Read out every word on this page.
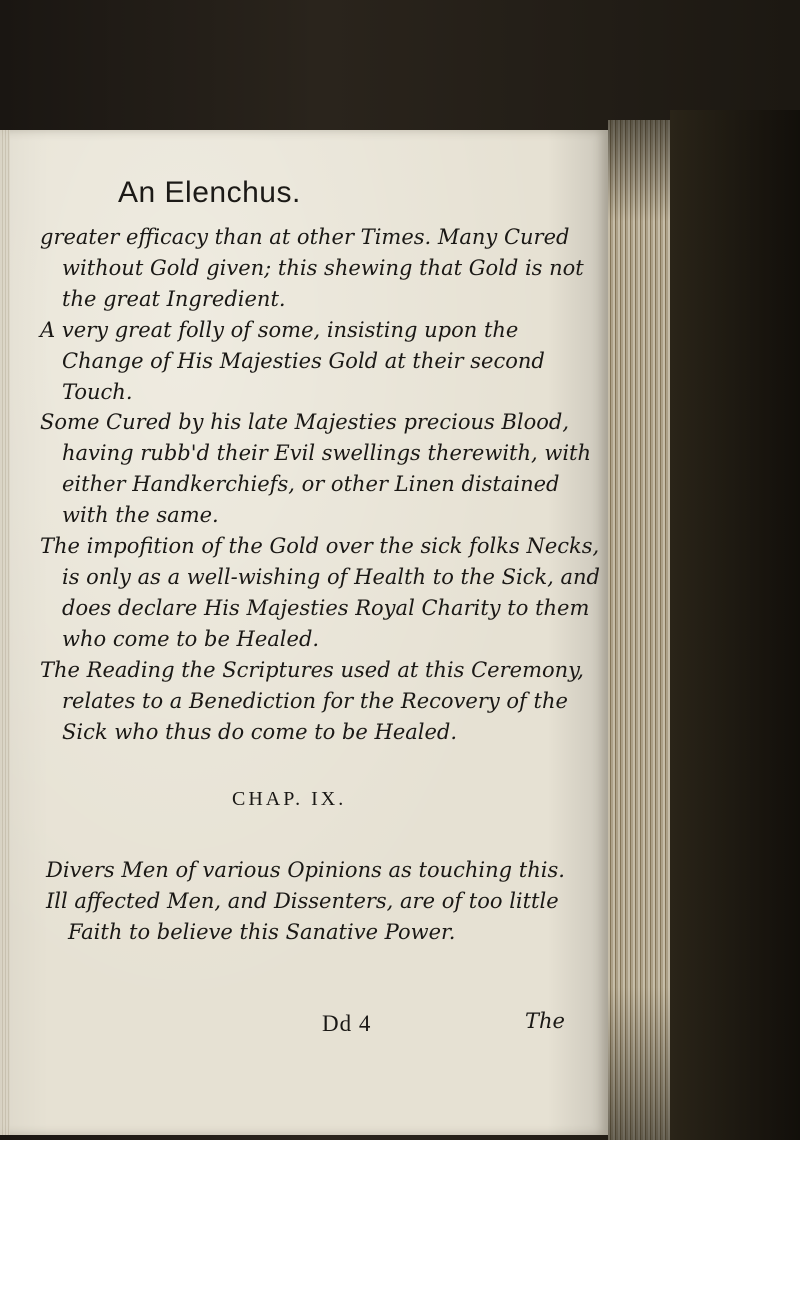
An Elenchus.

greater efficacy than at other Times. Many Cured without Gold given; this shewing that Gold is not the great Ingredient.

A very great folly of some, insisting upon the Change of His Majesties Gold at their second Touch.

Some Cured by his late Majesties precious Blood, having rubb'd their Evil swellings therewith, with either Handkerchiefs, or other Linen distained with the same.

The impofition of the Gold over the sick folks Necks, is only as a well-wishing of Health to the Sick, and does declare His Majesties Royal Charity to them who come to be Healed.

The Reading the Scriptures used at this Ceremony, relates to a Benediction for the Recovery of the Sick who thus do come to be Healed.

CHAP. IX.

Divers Men of various Opinions as touching this.

Ill affected Men, and Dissenters, are of too little Faith to believe this Sanative Power.

Dd 4	The
